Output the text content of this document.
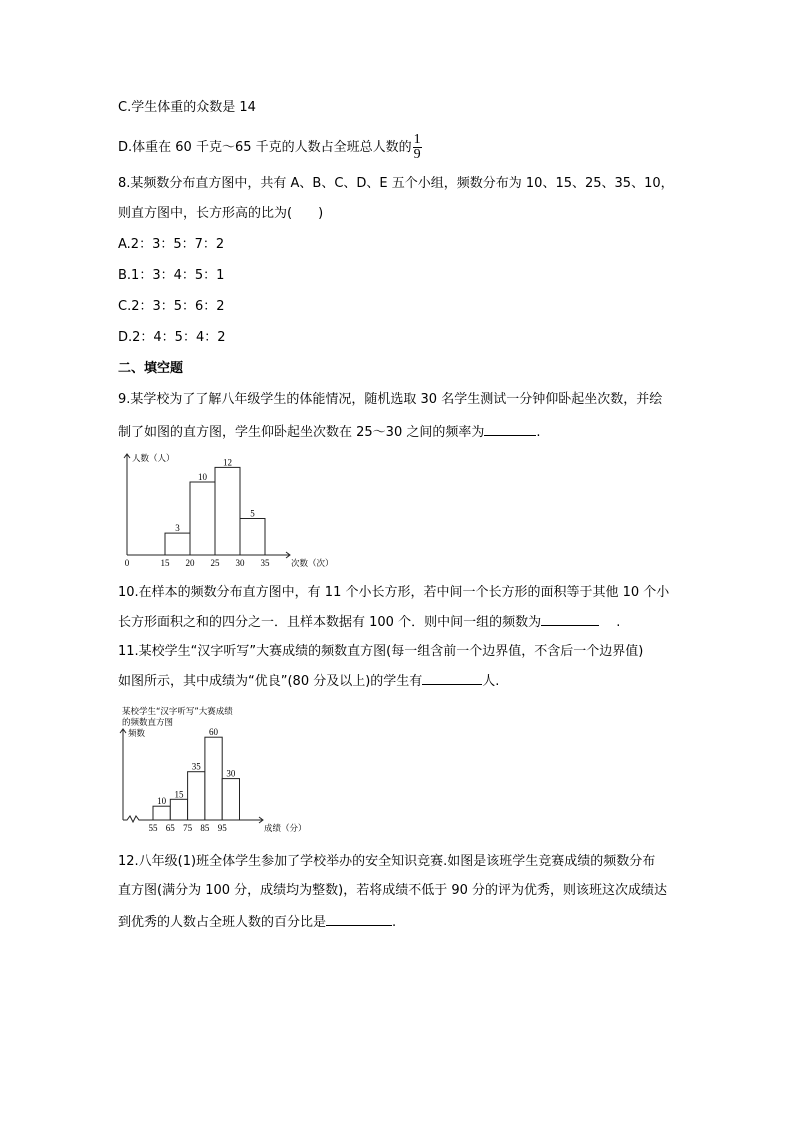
C.学生体重的众数是 14
D.体重在 60 千克～65 千克的人数占全班总人数的 $\frac{1}{9}$
8.某频数分布直方图中，共有 A、B、C、D、E 五个小组，频数分布为 10、15、25、35、10，
则直方图中，长方形高的比为(　　)
A.2：3：5：7：2
B.1：3：4：5：1
C.2：3：5：6：2
D.2：4：5：4：2
二、填空题
9.某学校为了了解八年级学生的体能情况，随机选取 30 名学生测试一分钟仰卧起坐次数，并绘
制了如图的直方图，学生仰卧起坐次数在 25～30 之间的频率为	.
3
10
12
5
15 20 25 30 35
0
人数（人）
次数（次）
10.在样本的频数分布直方图中，有 11 个小长方形，若中间一个长方形的面积等于其他 10 个小
长方形面积之和的四分之一．且样本数据有 100 个．则中间一组的频数为	　 .
11.某校学生“汉字听写”大赛成绩的频数直方图(每一组含前一个边界值，不含后一个边界值)
如图所示，其中成绩为“优良”(80 分及以上)的学生有	人.
10
15
35
60
30
55 65 75 85 95
频数
成绩（分）
某校学生“汉字听写”大赛成绩
的频数直方图
12.八年级(1)班全体学生参加了学校举办的安全知识竞赛.如图是该班学生竞赛成绩的频数分布
直方图(满分为 100 分，成绩均为整数)，若将成绩不低于 90 分的评为优秀，则该班这次成绩达
到优秀的人数占全班人数的百分比是	.
